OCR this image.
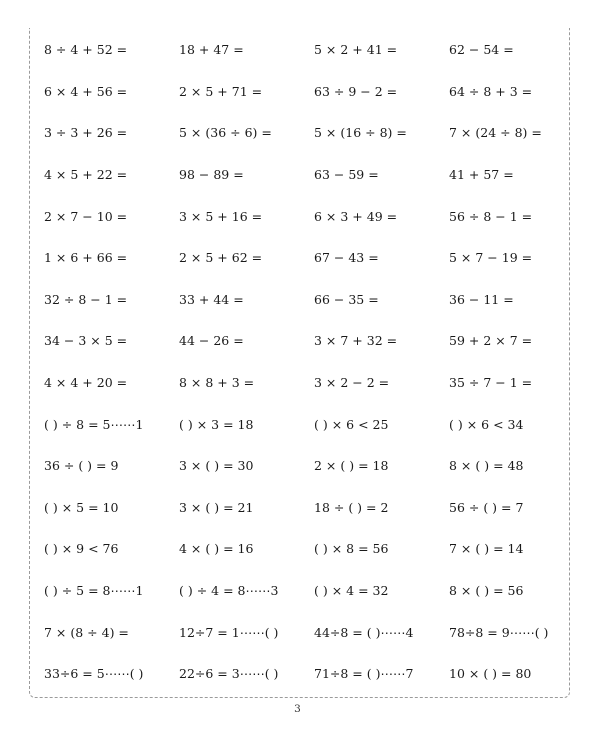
8 ÷ 4 + 52 =	18 + 47 =	5 × 2 + 41 =	62 − 54 =
6 × 4 + 56 =	2 × 5 + 71 =	63 ÷ 9 − 2 =	64 ÷ 8 + 3 =
3 ÷ 3 + 26 =	5 × (36 ÷ 6) =	5 × (16 ÷ 8) =	7 × (24 ÷ 8) =
4 × 5 + 22 =	98 − 89 =	63 − 59 =	41 + 57 =
2 × 7 − 10 =	3 × 5 + 16 =	6 × 3 + 49 =	56 ÷ 8 − 1 =
1 × 6 + 66 =	2 × 5 + 62 =	67 − 43 =	5 × 7 − 19 =
32 ÷ 8 − 1 =	33 + 44 =	66 − 35 =	36 − 11 =
34 − 3 × 5 =	44 − 26 =	3 × 7 + 32 =	59 + 2 × 7 =
4 × 4 + 20 =	8 × 8 + 3 =	3 × 2 − 2 =	35 ÷ 7 − 1 =
( ) ÷ 8 = 5⋯⋯1	( ) × 3 = 18	( ) × 6 < 25	( ) × 6 < 34
36 ÷ ( ) = 9	3 × ( ) = 30	2 × ( ) = 18	8 × ( ) = 48
( ) × 5 = 10	3 × ( ) = 21	18 ÷ ( ) = 2	56 ÷ ( ) = 7
( ) × 9 < 76	4 × ( ) = 16	( ) × 8 = 56	7 × ( ) = 14
( ) ÷ 5 = 8⋯⋯1	( ) ÷ 4 = 8⋯⋯3	( ) × 4 = 32	8 × ( ) = 56
7 × (8 ÷ 4) =	12÷7 = 1⋯⋯( )	44÷8 = ( )⋯⋯4	78÷8 = 9⋯⋯( )
33÷6 = 5⋯⋯( )	22÷6 = 3⋯⋯( )	71÷8 = ( )⋯⋯7	10 × ( ) = 80
3
